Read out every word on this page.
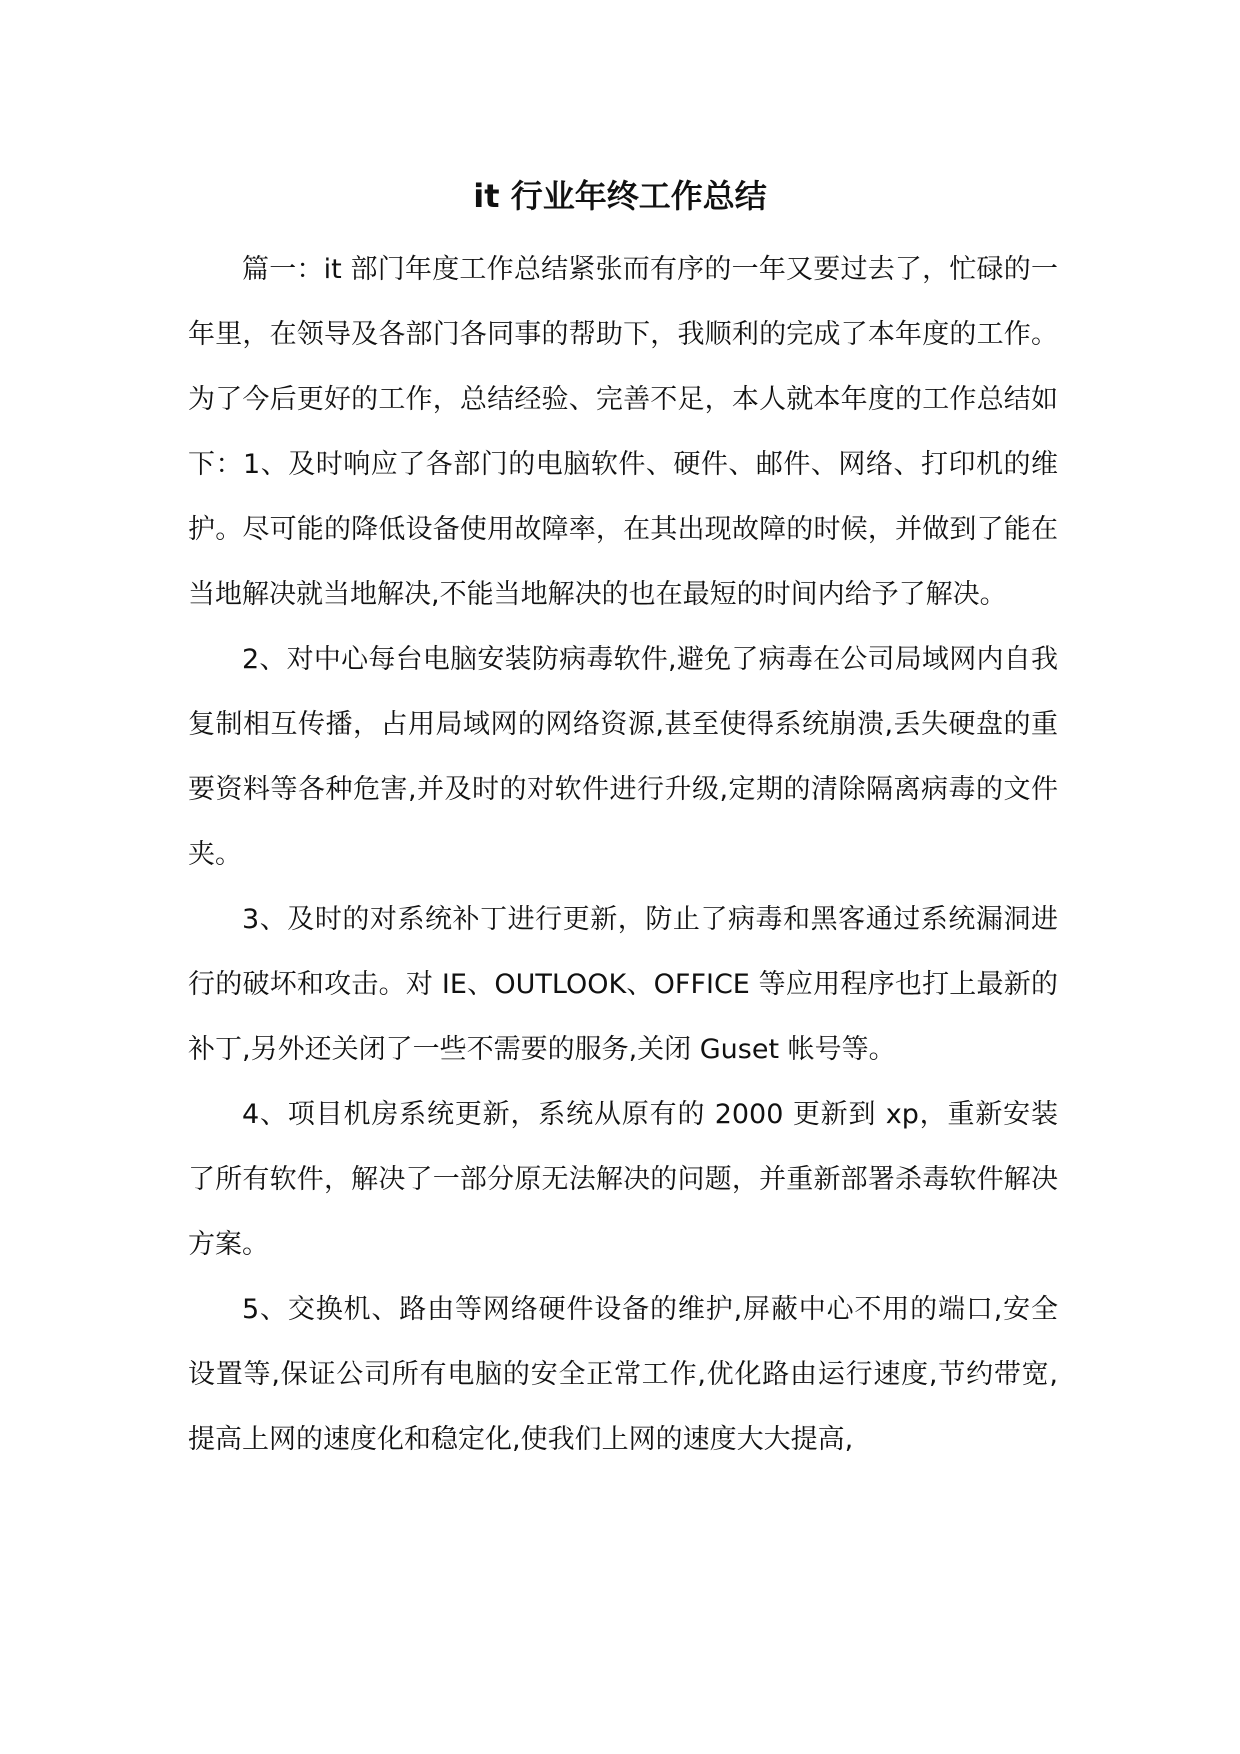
it 行业年终工作总结

篇一：it 部门年度工作总结紧张而有序的一年又要过去了，忙碌的一年里，在领导及各部门各同事的帮助下，我顺利的完成了本年度的工作。为了今后更好的工作，总结经验、完善不足，本人就本年度的工作总结如下：1、及时响应了各部门的电脑软件、硬件、邮件、网络、打印机的维护。尽可能的降低设备使用故障率，在其出现故障的时候，并做到了能在当地解决就当地解决,不能当地解决的也在最短的时间内给予了解决。

2、对中心每台电脑安装防病毒软件,避免了病毒在公司局域网内自我复制相互传播，占用局域网的网络资源,甚至使得系统崩溃,丢失硬盘的重要资料等各种危害,并及时的对软件进行升级,定期的清除隔离病毒的文件夹。

3、及时的对系统补丁进行更新，防止了病毒和黑客通过系统漏洞进行的破坏和攻击。对 IE、OUTLOOK、OFFICE 等应用程序也打上最新的补丁,另外还关闭了一些不需要的服务,关闭 Guset 帐号等。

4、项目机房系统更新，系统从原有的 2000 更新到 xp，重新安装了所有软件，解决了一部分原无法解决的问题，并重新部署杀毒软件解决方案。

5、交换机、路由等网络硬件设备的维护,屏蔽中心不用的端口,安全设置等,保证公司所有电脑的安全正常工作,优化路由运行速度,节约带宽,提高上网的速度化和稳定化,使我们上网的速度大大提高,
